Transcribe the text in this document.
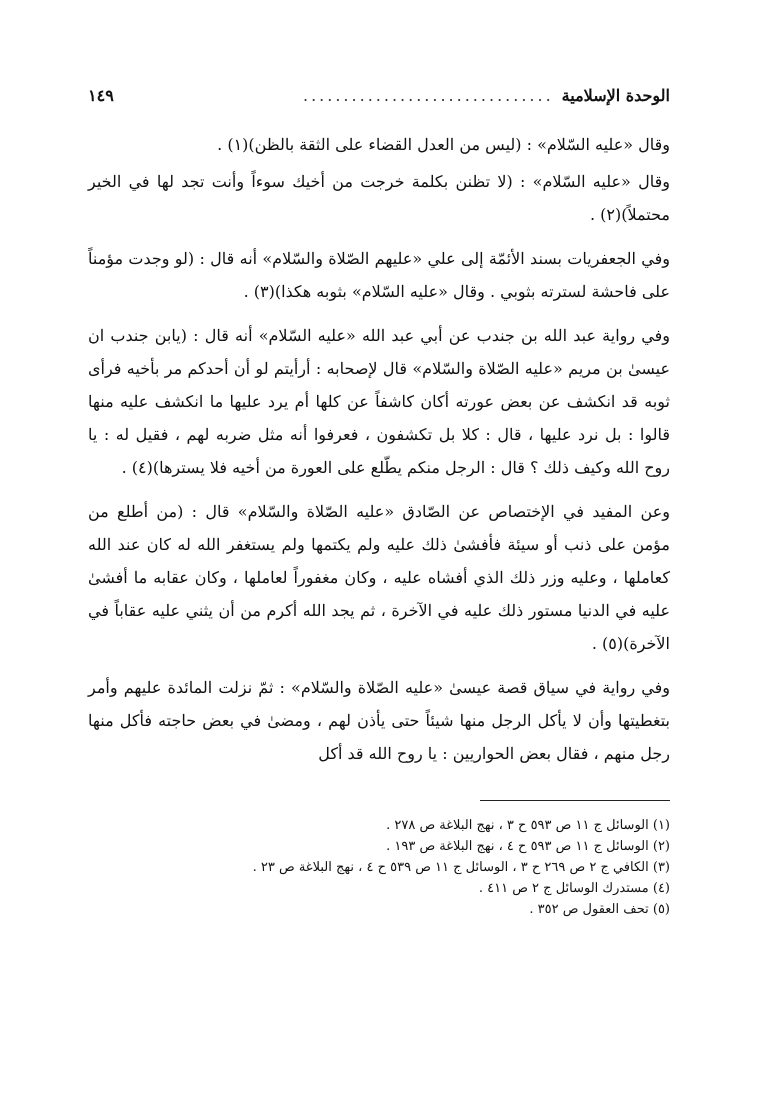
الوحدة الإسلامية
...............................
١٤٩

وقال «عليه السّلام» : (ليس من العدل القضاء على الثقة بالظن)(١) .

وقال «عليه السّلام» : (لا تظنن بكلمة خرجت من أخيك سوءاً وأنت تجد لها في الخير محتملاً)(٢) .

وفي الجعفريات بسند الأئمّة إلى علي «عليهم الصّلاة والسّلام» أنه قال : (لو وجدت مؤمناً على فاحشة لسترته بثوبي . وقال «عليه السّلام» بثوبه هكذا)(٣) .

وفي رواية عبد الله بن جندب عن أبي عبد الله «عليه السّلام» أنه قال : (يابن جندب ان عيسىٰ بن مريم «عليه الصّلاة والسّلام» قال لإصحابه : أرأيتم لو أن أحدكم مر بأخيه فرأى ثوبه قد انكشف عن بعض عورته أكان كاشفاً عن كلها أم يرد عليها ما انكشف عليه منها قالوا : بل نرد عليها ، قال : كلا بل تكشفون ، فعرفوا أنه مثل ضربه لهم ، فقيل له : يا روح الله وكيف ذلك ؟ قال : الرجل منكم يطّلع على العورة من أخيه فلا يسترها)(٤) .

وعن المفيد في الإختصاص عن الصّادق «عليه الصّلاة والسّلام» قال : (من أطلع من مؤمن على ذنب أو سيئة فأفشىٰ ذلك عليه ولم يكتمها ولم يستغفر الله له كان عند الله كعاملها ، وعليه وزر ذلك الذي أفشاه عليه ، وكان مغفوراً لعاملها ، وكان عقابه ما أفشىٰ عليه في الدنيا مستور ذلك عليه في الآخرة ، ثم يجد الله أكرم من أن يثني عليه عقاباً في الآخرة)(٥) .

وفي رواية في سياق قصة عيسىٰ «عليه الصّلاة والسّلام» : ثمّ نزلت المائدة عليهم وأمر بتغطيتها وأن لا يأكل الرجل منها شيئاً حتى يأذن لهم ، ومضىٰ في بعض حاجته فأكل منها رجل منهم ، فقال بعض الحواريين : يا روح الله قد أكل

(١) الوسائل ج ١١ ص ٥٩٣ ح ٣ ، نهج البلاغة ص ٢٧٨ .
(٢) الوسائل ج ١١ ص ٥٩٣ ح ٤ ، نهج البلاغة ص ١٩٣ .
(٣) الكافي ج ٢ ص ٢٦٩ ح ٣ ، الوسائل ج ١١ ص ٥٣٩ ح ٤ ، نهج البلاغة ص ٢٣ .
(٤) مستدرك الوسائل ج ٢ ص ٤١١ .
(٥) تحف العقول ص ٣٥٢ .
